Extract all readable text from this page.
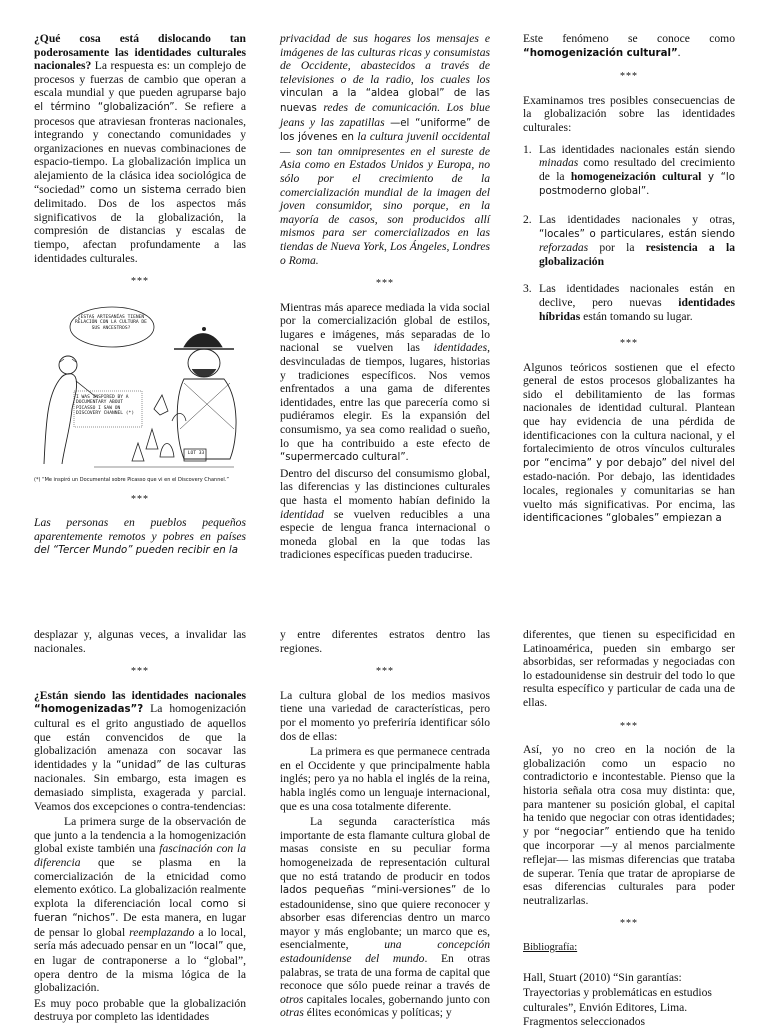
¿Qué cosa está dislocando tan poderosamente las identidades culturales nacionales? La respuesta es: un complejo de procesos y fuerzas de cambio que operan a escala mundial y que pueden agruparse bajo el término “globalización”. Se refiere a procesos que atraviesan fronteras nacionales, integrando y conectando comunidades y organizaciones en nuevas combinaciones de espacio-tiempo. La globalización implica un alejamiento de la clásica idea sociológica de “sociedad” como un sistema cerrado bien delimitado. Dos de los aspectos más significativos de la globalización, la compresión de distancias y escalas de tiempo, afectan profundamente a las identidades culturales.

***
¿ESTAS ARTESANÍAS TIENEN RELACIÓN CON LA CULTURA DE SUS ANCESTROS?
I WAS INSPIRED BY A DOCUMENTARY ABOUT PICASSO I SAW ON DISCOVERY CHANNEL (*)
LOT 33
(*) “Me inspiró un Documental sobre Picasso que vi en el Discovery Channel.”
***

Las personas en pueblos pequeños aparentemente remotos y pobres en países del “Tercer Mundo” pueden recibir en la

privacidad de sus hogares los mensajes e imágenes de las culturas ricas y consumistas de Occidente, abastecidos a través de televisiones o de la radio, los cuales los vinculan a la “aldea global” de las nuevas redes de comunicación. Los blue jeans y las zapatillas —el “uniforme” de los jóvenes en la cultura juvenil occidental — son tan omnipresentes en el sureste de Asia como en Estados Unidos y Europa, no sólo por el crecimiento de la comercialización mundial de la imagen del joven consumidor, sino porque, en la mayoría de casos, son producidos allí mismos para ser comercializados en las tiendas de Nueva York, Los Ángeles, Londres o Roma.

***

Mientras más aparece mediada la vida social por la comercialización global de estilos, lugares e imágenes, más separadas de lo nacional se vuelven las identidades, desvinculadas de tiempos, lugares, historias y tradiciones específicos. Nos vemos enfrentados a una gama de diferentes identidades, entre las que parecería como si pudiéramos elegir. Es la expansión del consumismo, ya sea como realidad o sueño, lo que ha contribuido a este efecto de “supermercado cultural”.

Dentro del discurso del consumismo global, las diferencias y las distinciones culturales que hasta el momento habían definido la identidad se vuelven reducibles a una especie de lengua franca internacional o moneda global en la que todas las tradiciones específicas pueden traducirse.

Este fenómeno se conoce como “homogenización cultural”.

***

Examinamos tres posibles consecuencias de la globalización sobre las identidades culturales:

1. Las identidades nacionales están siendo minadas como resultado del crecimiento de la homogeneización cultural y “lo postmoderno global”.
2. Las identidades nacionales y otras, “locales” o particulares, están siendo reforzadas por la resistencia a la globalización
3. Las identidades nacionales están en declive, pero nuevas identidades híbridas están tomando su lugar.
***

Algunos teóricos sostienen que el efecto general de estos procesos globalizantes ha sido el debilitamiento de las formas nacionales de identidad cultural. Plantean que hay evidencia de una pérdida de identificaciones con la cultura nacional, y el fortalecimiento de otros vínculos culturales por “encima” y por debajo” del nivel del estado-nación. Por debajo, las identidades locales, regionales y comunitarias se han vuelto más significativas. Por encima, las identificaciones “globales” empiezan a

desplazar y, algunas veces, a invalidar las nacionales.

***

¿Están siendo las identidades nacionales “homogenizadas”? La homogenización cultural es el grito angustiado de aquellos que están convencidos de que la globalización amenaza con socavar las identidades y la “unidad” de las culturas nacionales. Sin embargo, esta imagen es demasiado simplista, exagerada y parcial. Veamos dos excepciones o contra-tendencias:

La primera surge de la observación de que junto a la tendencia a la homogenización global existe también una fascinación con la diferencia que se plasma en la comercialización de la etnicidad como elemento exótico. La globalización realmente explota la diferenciación local como si fueran “nichos”. De esta manera, en lugar de pensar lo global reemplazando a lo local, sería más adecuado pensar en un “local” que, en lugar de contraponerse a lo “global”, opera dentro de la misma lógica de la globalización.

Es muy poco probable que la globalización destruya por completo las identidades

y entre diferentes estratos dentro las regiones.

***

La cultura global de los medios masivos tiene una variedad de características, pero por el momento yo preferiría identificar sólo dos de ellas:

La primera es que permanece centrada en el Occidente y que principalmente habla inglés; pero ya no habla el inglés de la reina, habla inglés como un lenguaje internacional, que es una cosa totalmente diferente.

La segunda característica más importante de esta flamante cultura global de masas consiste en su peculiar forma homogeneizada de representación cultural que no está tratando de producir en todos lados pequeñas “mini-versiones” de lo estadounidense, sino que quiere reconocer y absorber esas diferencias dentro un marco mayor y más englobante; un marco que es, esencialmente, una concepción estadounidense del mundo. En otras palabras, se trata de una forma de capital que reconoce que sólo puede reinar a través de otros capitales locales, gobernando junto con otras élites económicas y políticas; y

diferentes, que tienen su especificidad en Latinoamérica, pueden sin embargo ser absorbidas, ser reformadas y negociadas con lo estadounidense sin destruir del todo lo que resulta específico y particular de cada una de ellas.

***

Así, yo no creo en la noción de la globalización como un espacio no contradictorio e incontestable. Pienso que la historia señala otra cosa muy distinta: que, para mantener su posición global, el capital ha tenido que negociar con otras identidades; y por “negociar” entiendo que ha tenido que incorporar —y al menos parcialmente reflejar— las mismas diferencias que trataba de superar. Tenía que tratar de apropiarse de esas diferencias culturales para poder neutralizarlas.

***
Bibliografía:
Hall, Stuart (2010) “Sin garantías: Trayectorias y problemáticas en estudios culturales”, Envión Editores, Lima.
Fragmentos seleccionados
